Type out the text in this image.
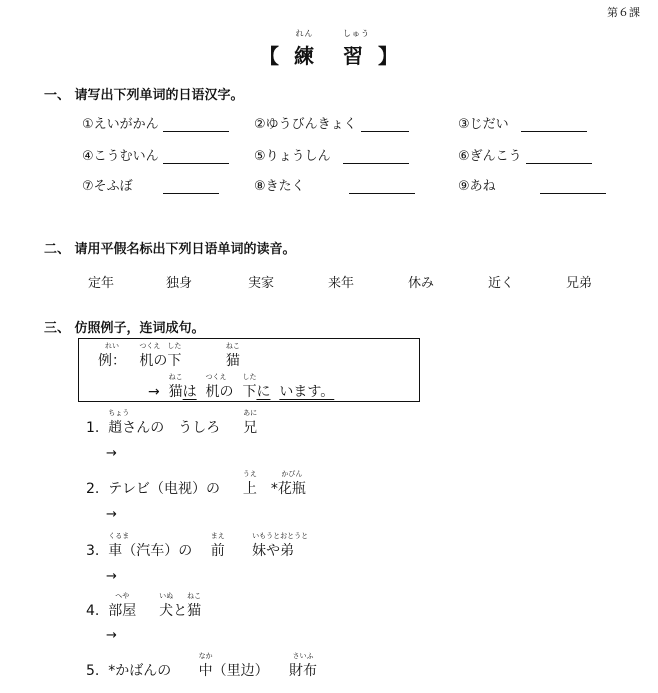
第６課
【
れん
練
しゅう
習 】
一、 请写出下列单词的日语汉字。
①えいがかん	②ゆうびんきょく	③じだい
④こうむいん	⑤りょうしん	⑥ぎんこう
⑦そふぼ	⑧きたく	⑨あね
二、 请用平假名标出下列日语单词的读音。
定年	独身	実家	来年	休み	近く	兄弟
三、 仿照例子，连词成句。
れい
例：
つくえ
机の
した
下
ねこ
猫
→
ねこ
猫は
つくえ
机の
した
下に います。
1.
ちょう
趙さんの　うしろ　
あに
兄
→
2. テレビ（电视）の　
うえ
上　*
かびん
花瓶
→
3.
くるま
車（汽车）の　
まえ
前   　
いもうと
妹や
おとうと
弟
→
4.
へや
部屋　
いぬ
犬と
ねこ
猫
→
5. *かばんの　
なか
中（里边）　
さいふ
財布
